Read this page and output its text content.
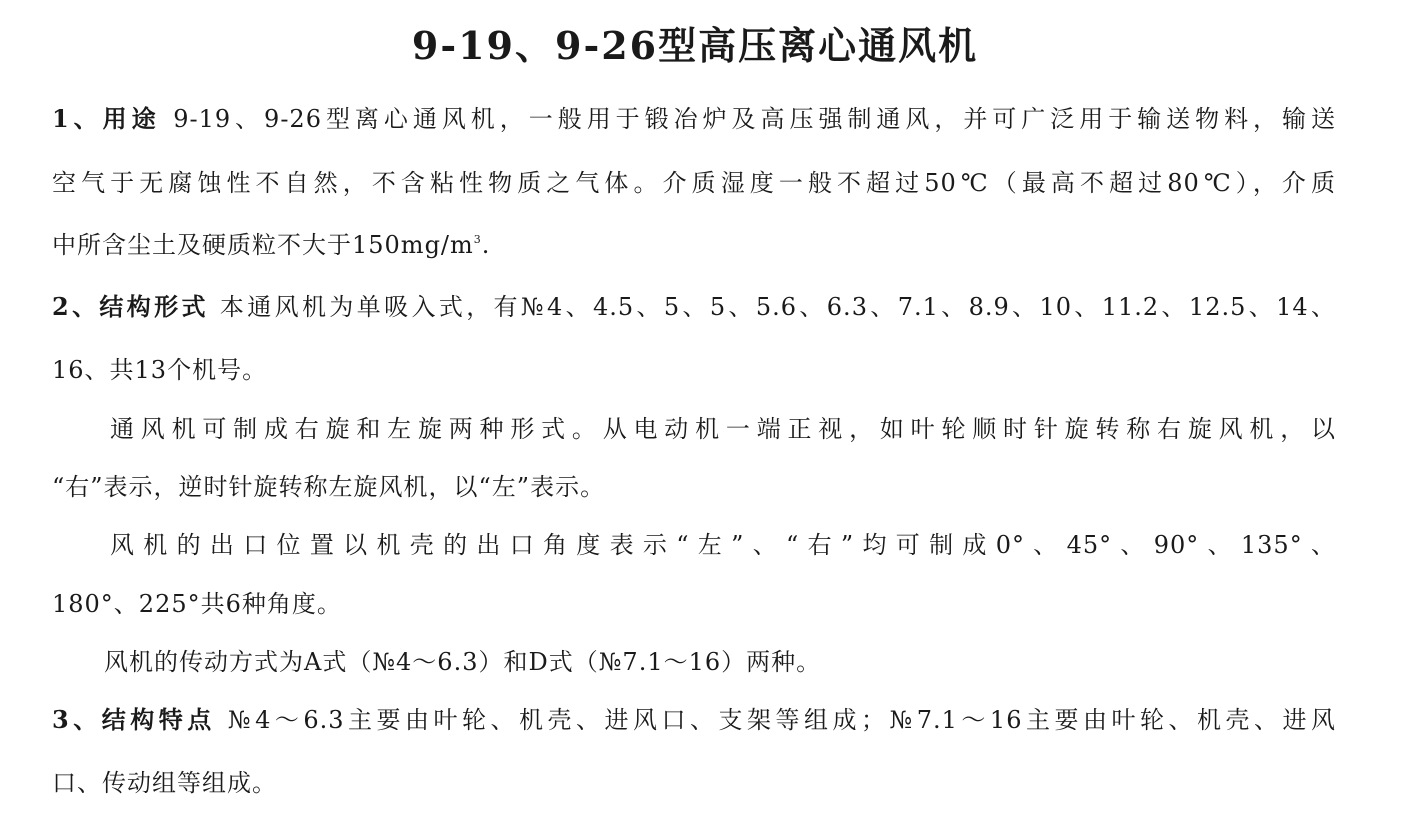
9-19、9-26型高压离心通风机
1、用途 9-19、9-26型离心通风机，一般用于锻冶炉及高压强制通风，并可广泛用于输送物料，输送
空气于无腐蚀性不自然，不含粘性物质之气体。介质湿度一般不超过50℃（最高不超过80℃），介质
中所含尘土及硬质粒不大于$150mg/m^3$.
2、结构形式 本通风机为单吸入式，有№4、4.5、5、5、5.6、6.3、7.1、8.9、10、11.2、12.5、14、
16、共13个机号。
通风机可制成右旋和左旋两种形式。从电动机一端正视，如叶轮顺时针旋转称右旋风机，以
“右”表示，逆时针旋转称左旋风机，以“左”表示。
风机的出口位置以机壳的出口角度表示“左”、“右”均可制成0°、45°、90°、135°、
180°、225°共6种角度。
风机的传动方式为A式（№4～6.3）和D式（№7.1～16）两种。
3、结构特点 №4～6.3主要由叶轮、机壳、进风口、支架等组成；№7.1～16主要由叶轮、机壳、进风
口、传动组等组成。
